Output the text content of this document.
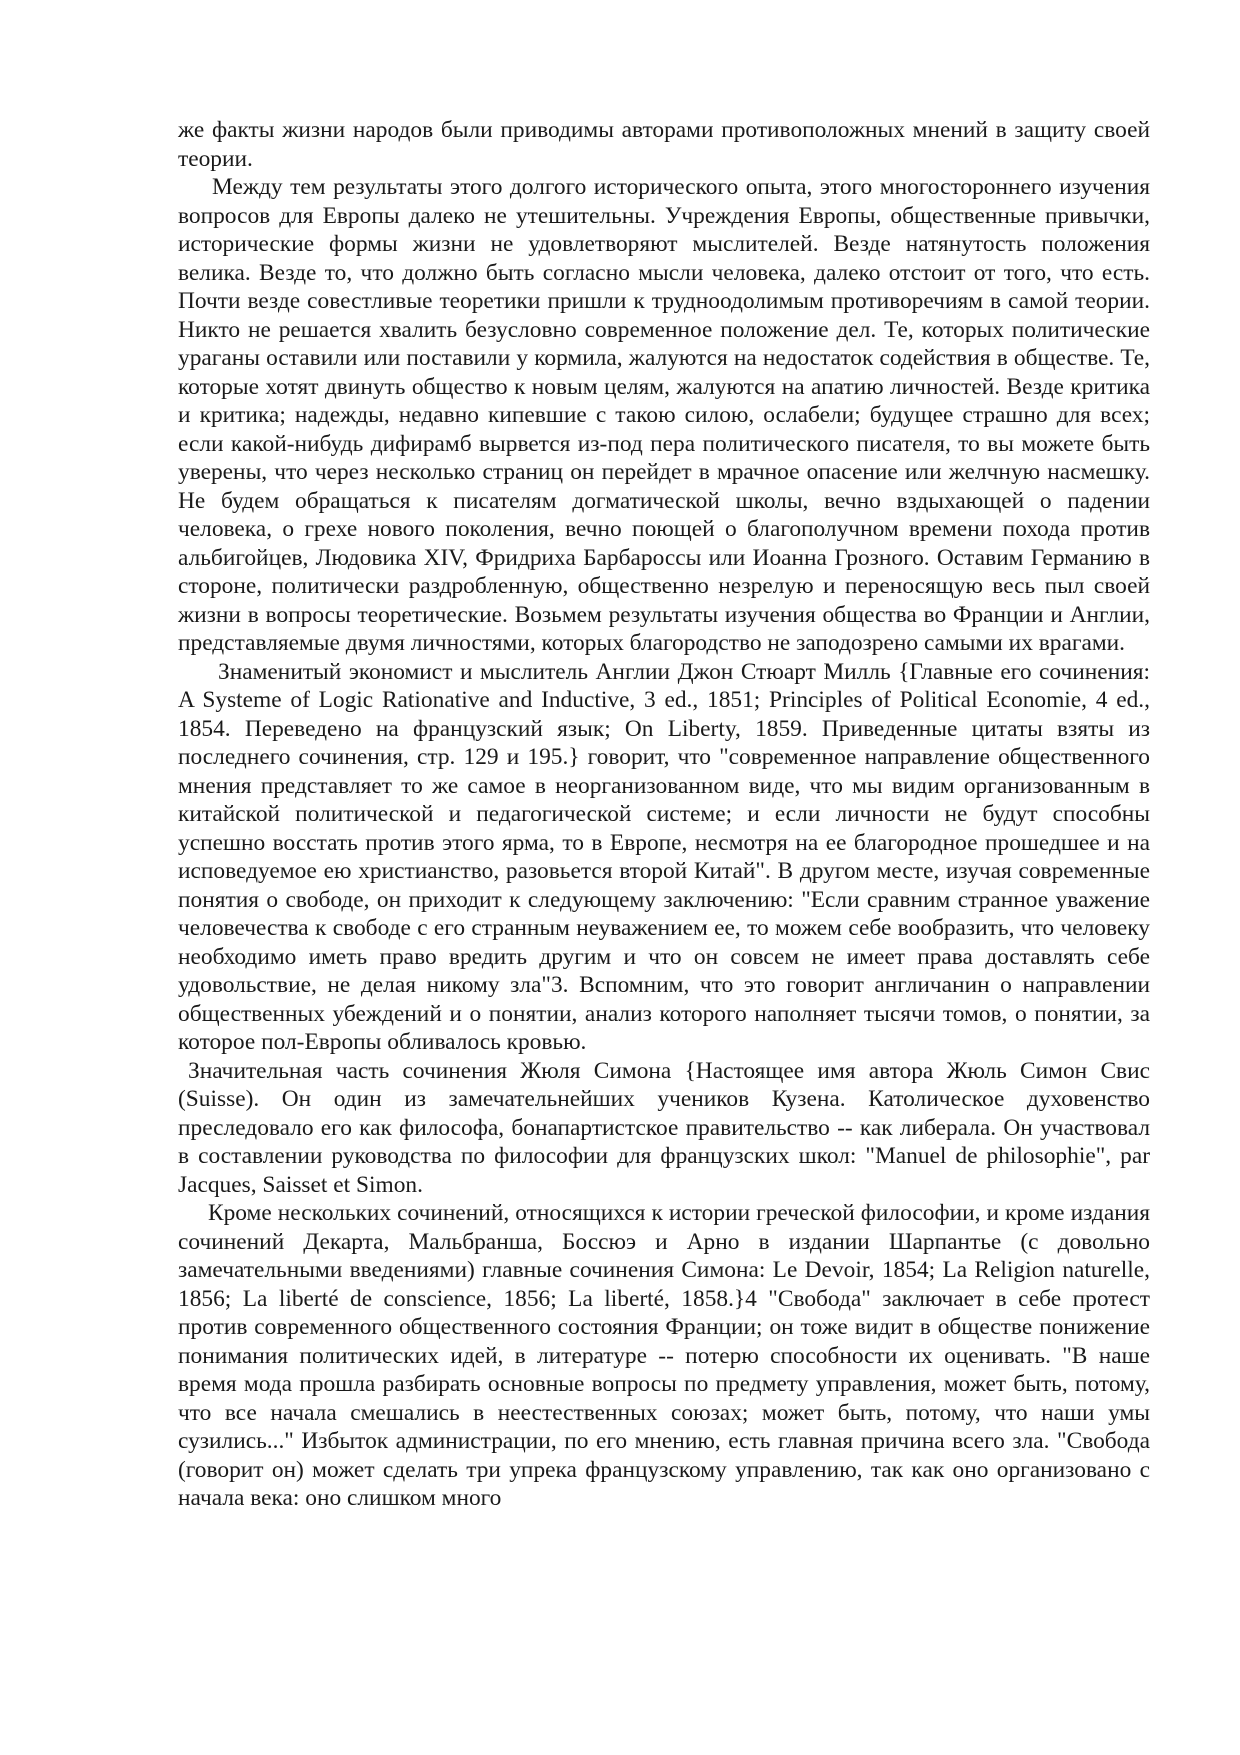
же факты жизни народов были приводимы авторами противоположных мнений в защиту своей теории.

Между тем результаты этого долгого исторического опыта, этого многостороннего изучения вопросов для Европы далеко не утешительны. Учреждения Европы, общественные привычки, исторические формы жизни не удовлетворяют мыслителей. Везде натянутость положения велика. Везде то, что должно быть согласно мысли человека, далеко отстоит от того, что есть. Почти везде совестливые теоретики пришли к трудноодолимым противоречиям в самой теории. Никто не решается хвалить безусловно современное положение дел. Те, которых политические ураганы оставили или поставили у кормила, жалуются на недостаток содействия в обществе. Те, которые хотят двинуть общество к новым целям, жалуются на апатию личностей. Везде критика и критика; надежды, недавно кипевшие с такою силою, ослабели; будущее страшно для всех; если какой-нибудь дифирамб вырвется из-под пера политического писателя, то вы можете быть уверены, что через несколько страниц он перейдет в мрачное опасение или желчную насмешку. Не будем обращаться к писателям догматической школы, вечно вздыхающей о падении человека, о грехе нового поколения, вечно поющей о благополучном времени похода против альбигойцев, Людовика XIV, Фридриха Барбароссы или Иоанна Грозного. Оставим Германию в стороне, политически раздробленную, общественно незрелую и переносящую весь пыл своей жизни в вопросы теоретические. Возьмем результаты изучения общества во Франции и Англии, представляемые двумя личностями, которых благородство не заподозрено самыми их врагами.

Знаменитый экономист и мыслитель Англии Джон Стюарт Милль {Главные его сочинения: A Systeme of Logic Rationative and Inductive, 3 ed., 1851; Principles of Political Economie, 4 ed., 1854. Переведено на французский язык; On Liberty, 1859. Приведенные цитаты взяты из последнего сочинения, стр. 129 и 195.} говорит, что "современное направление общественного мнения представляет то же самое в неорганизованном виде, что мы видим организованным в китайской политической и педагогической системе; и если личности не будут способны успешно восстать против этого ярма, то в Европе, несмотря на ее благородное прошедшее и на исповедуемое ею христианство, разовьется второй Китай". В другом месте, изучая современные понятия о свободе, он приходит к следующему заключению: "Если сравним странное уважение человечества к свободе с его странным неуважением ее, то можем себе вообразить, что человеку необходимо иметь право вредить другим и что он совсем не имеет права доставлять себе удовольствие, не делая никому зла"3. Вспомним, что это говорит англичанин о направлении общественных убеждений и о понятии, анализ которого наполняет тысячи томов, о понятии, за которое пол-Европы обливалось кровью.

Значительная часть сочинения Жюля Симона {Настоящее имя автора Жюль Симон Свис (Suisse). Он один из замечательнейших учеников Кузена. Католическое духовенство преследовало его как философа, бонапартистское правительство -- как либерала. Он участвовал в составлении руководства по философии для французских школ: "Manuel de philosophie", par Jacques, Saisset et Simon.

Кроме нескольких сочинений, относящихся к истории греческой философии, и кроме издания сочинений Декарта, Мальбранша, Боссюэ и Арно в издании Шарпантье (с довольно замечательными введениями) главные сочинения Симона: Le Devoir, 1854; La Religion naturelle, 1856; La liberté de conscience, 1856; La liberté, 1858.}4 "Свобода" заключает в себе протест против современного общественного состояния Франции; он тоже видит в обществе понижение понимания политических идей, в литературе -- потерю способности их оценивать. "В наше время мода прошла разбирать основные вопросы по предмету управления, может быть, потому, что все начала смешались в неестественных союзах; может быть, потому, что наши умы сузились..." Избыток администрации, по его мнению, есть главная причина всего зла. "Свобода (говорит он) может сделать три упрека французскому управлению, так как оно организовано с начала века: оно слишком много
